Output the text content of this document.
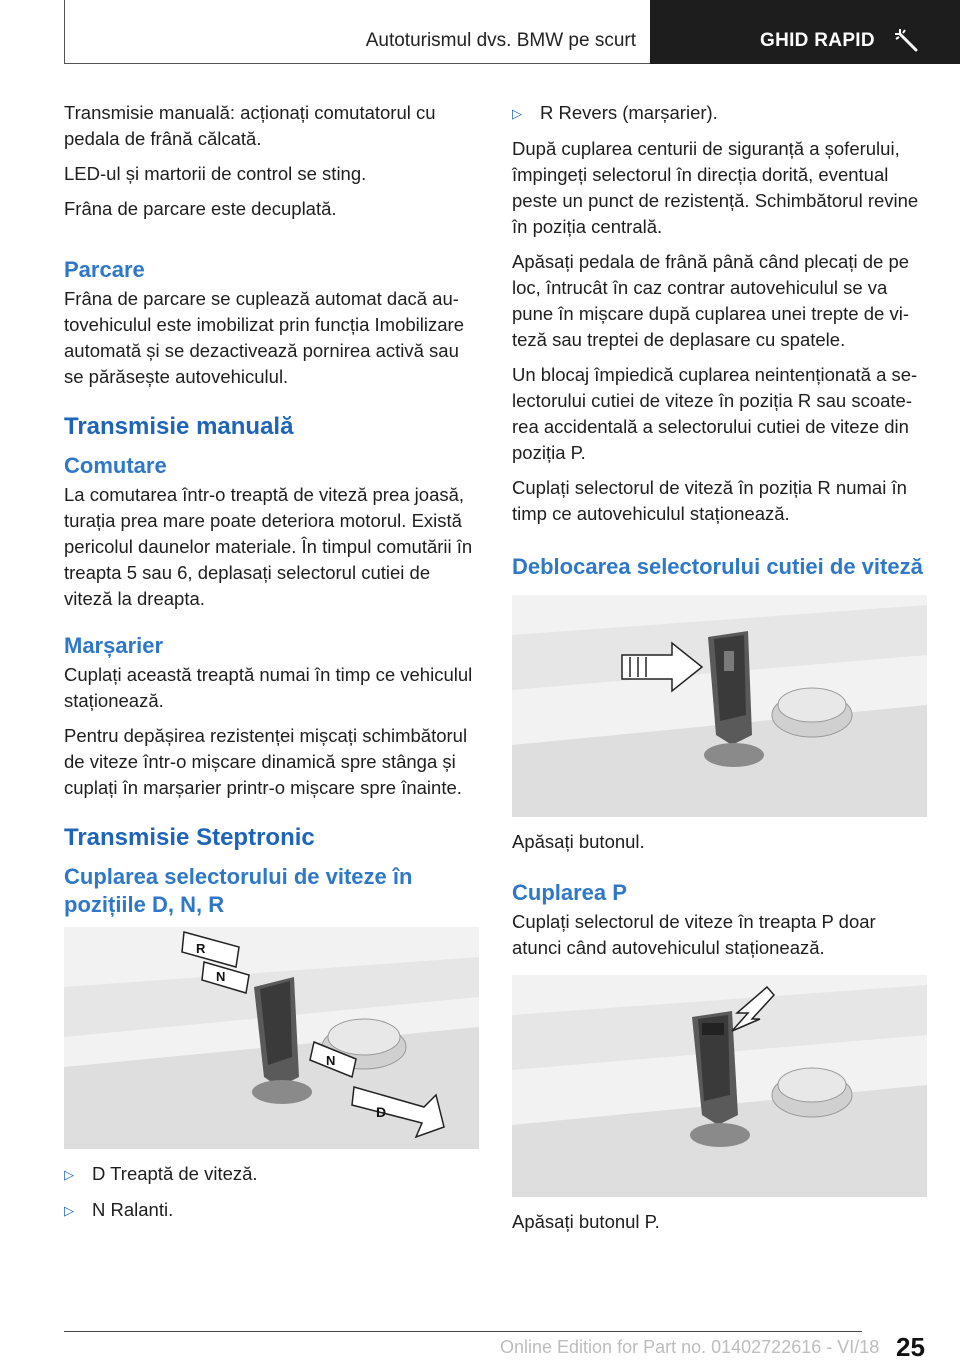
Autoturismul dvs. BMW pe scurt	GHID RAPID

Transmisie manuală: acționați comutatorul cu pedala de frână călcată.

LED-ul și martorii de control se sting.

Frâna de parcare este decuplată.

Parcare

Frâna de parcare se cuplează automat dacă autovehiculul este imobilizat prin funcția Imobilizare automată și se dezactivează pornirea activă sau se părăsește autovehiculul.

Transmisie manuală
Comutare

La comutarea într-o treaptă de viteză prea joasă, turația prea mare poate deteriora motorul. Există pericolul daunelor materiale. În timpul comutării în treapta 5 sau 6, deplasați selectorul cutiei de viteză la dreapta.

Marșarier

Cuplați această treaptă numai în timp ce vehiculul staționează.

Pentru depășirea rezistenței mișcați schimbătorul de viteze într-o mișcare dinamică spre stânga și cuplați în marșarier printr-o mișcare spre înainte.

Transmisie Steptronic
Cuplarea selectorului de viteze în pozițiile D, N, R
R
N
N
D
▷ D Treaptă de viteză.
▷ N Ralanti.
▷ R Revers (marșarier).

După cuplarea centurii de siguranță a șoferului, împingeți selectorul în direcția dorită, eventual peste un punct de rezistență. Schimbătorul revine în poziția centrală.

Apăsați pedala de frână până când plecați de pe loc, întrucât în caz contrar autovehiculul se va pune în mișcare după cuplarea unei trepte de viteză sau treptei de deplasare cu spatele.

Un blocaj împiedică cuplarea neintenționată a selectorului cutiei de viteze în poziția R sau scoaterea accidentală a selectorului cutiei de viteze din poziția P.

Cuplați selectorul de viteză în poziția R numai în timp ce autovehiculul staționează.

Deblocarea selectorului cutiei de viteză

Apăsați butonul.

Cuplarea P

Cuplați selectorul de viteze în treapta P doar atunci când autovehiculul staționează.

Apăsați butonul P.

25
Online Edition for Part no. 01402722616 - VI/18
